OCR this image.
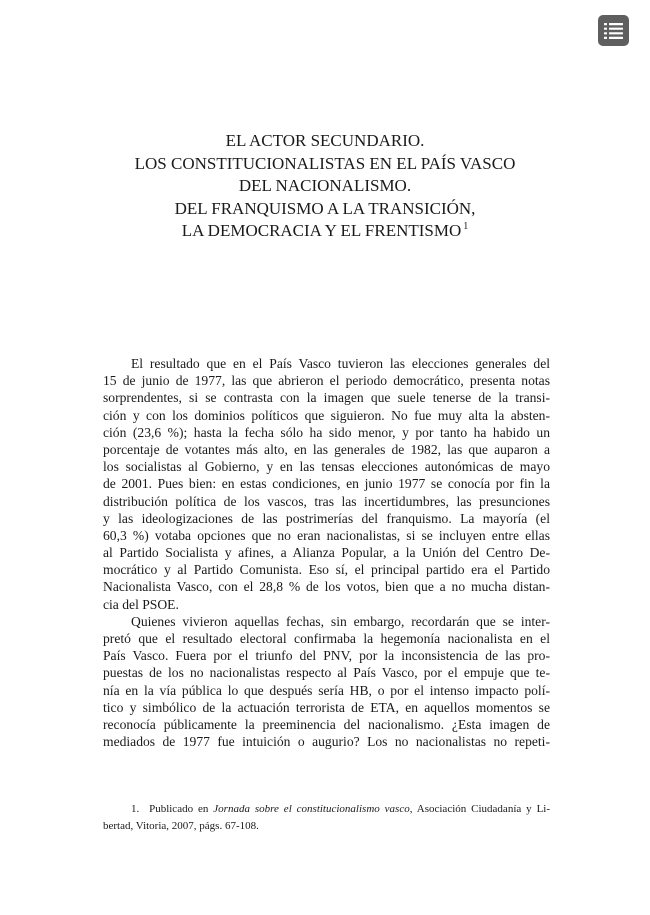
EL ACTOR SECUNDARIO.
LOS CONSTITUCIONALISTAS EN EL PAÍS VASCO
DEL NACIONALISMO.
DEL FRANQUISMO A LA TRANSICIÓN,
LA DEMOCRACIA Y EL FRENTISMO $^1$
El resultado que en el País Vasco tuvieron las elecciones generales del
15 de junio de 1977, las que abrieron el periodo democrático, presenta notas
sorprendentes, si se contrasta con la imagen que suele tenerse de la transi-
ción y con los dominios políticos que siguieron. No fue muy alta la absten-
ción (23,6 %); hasta la fecha sólo ha sido menor, y por tanto ha habido un
porcentaje de votantes más alto, en las generales de 1982, las que auparon a
los socialistas al Gobierno, y en las tensas elecciones autonómicas de mayo
de 2001. Pues bien: en estas condiciones, en junio 1977 se conocía por fin la
distribución política de los vascos, tras las incertidumbres, las presunciones
y las ideologizaciones de las postrimerías del franquismo. La mayoría (el
60,3 %) votaba opciones que no eran nacionalistas, si se incluyen entre ellas
al Partido Socialista y afines, a Alianza Popular, a la Unión del Centro De-
mocrático y al Partido Comunista. Eso sí, el principal partido era el Partido
Nacionalista Vasco, con el 28,8 % de los votos, bien que a no mucha distan-
cia del PSOE.
Quienes vivieron aquellas fechas, sin embargo, recordarán que se inter-
pretó que el resultado electoral confirmaba la hegemonía nacionalista en el
País Vasco. Fuera por el triunfo del PNV, por la inconsistencia de las pro-
puestas de los no nacionalistas respecto al País Vasco, por el empuje que te-
nía en la vía pública lo que después sería HB, o por el intenso impacto polí-
tico y simbólico de la actuación terrorista de ETA, en aquellos momentos se
reconocía públicamente la preeminencia del nacionalismo. ¿Esta imagen de
mediados de 1977 fue intuición o augurio? Los no nacionalistas no repeti-
1. Publicado en Jornada sobre el constitucionalismo vasco, Asociación Ciudadanía y Li-
bertad, Vitoria, 2007, págs. 67-108.
